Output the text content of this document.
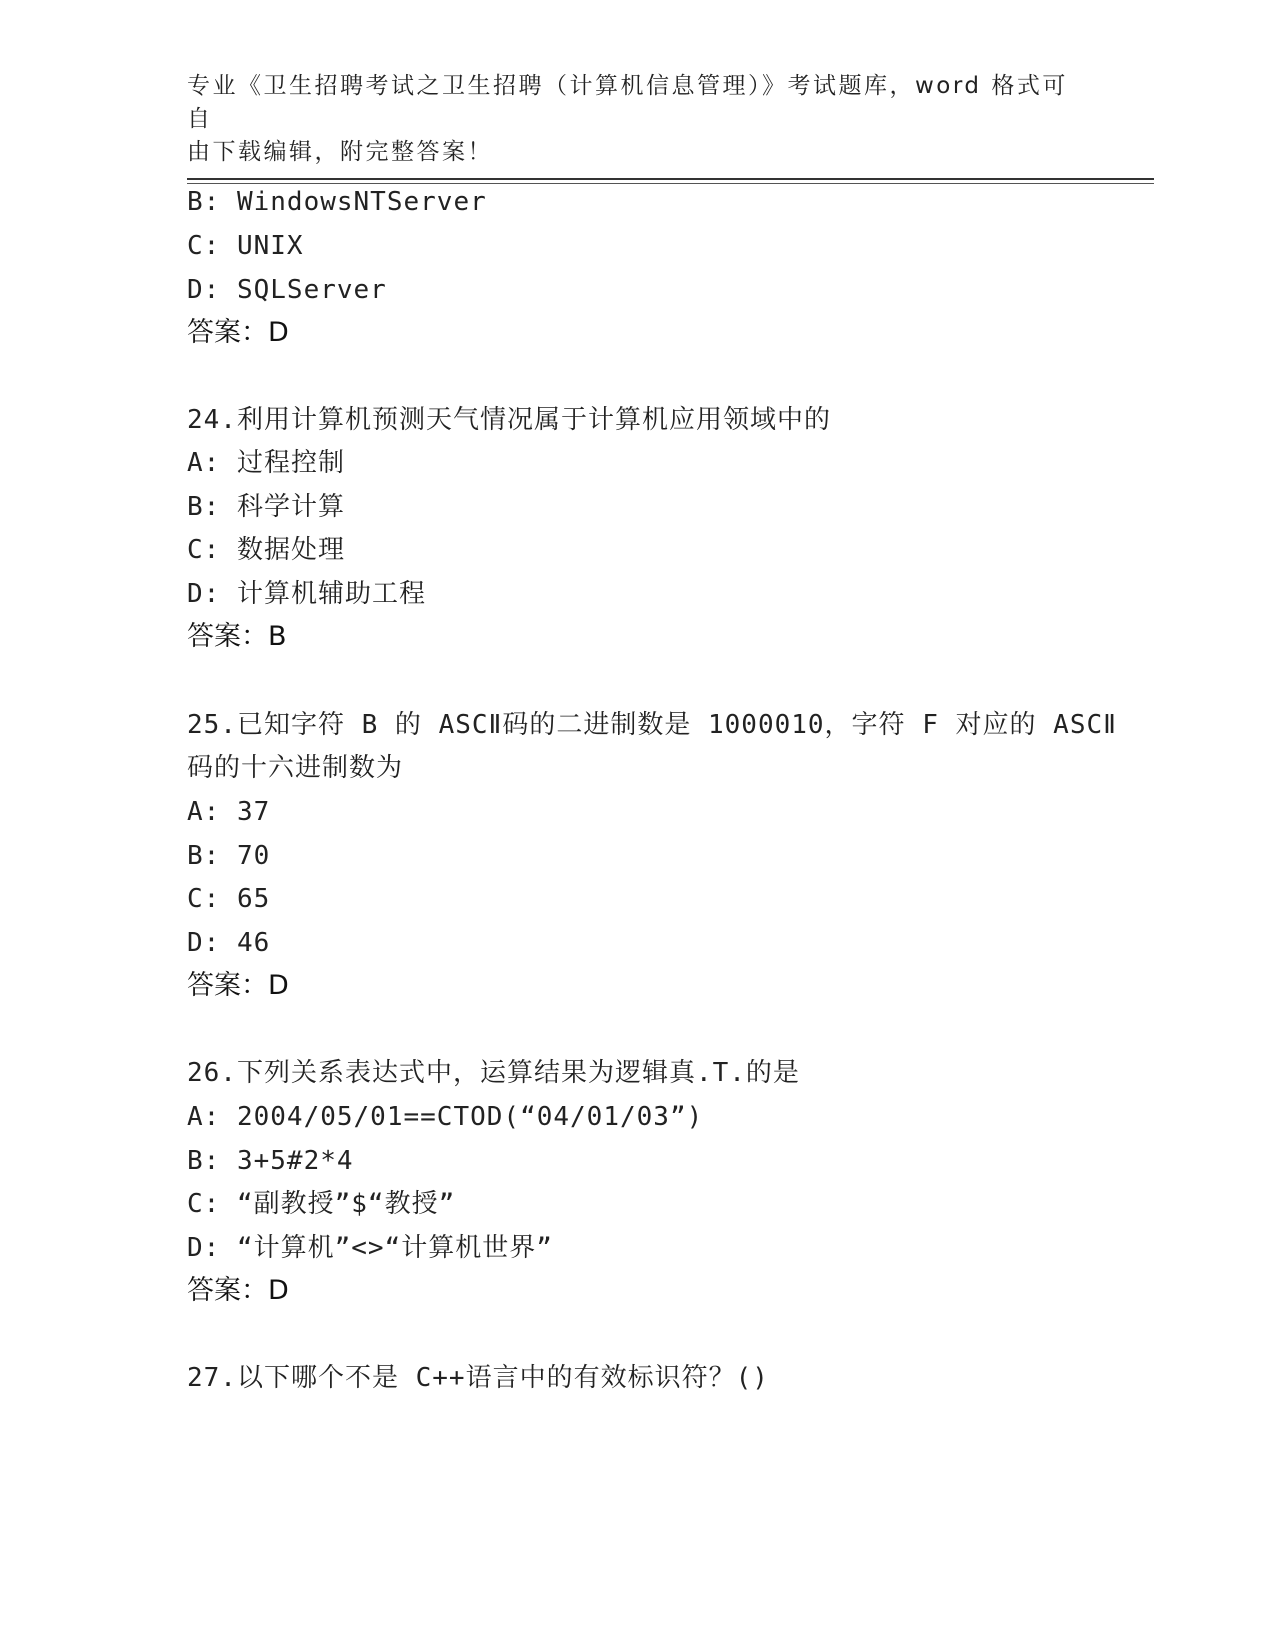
专业《卫生招聘考试之卫生招聘（计算机信息管理）》考试题库，word 格式可自
由下载编辑，附完整答案！
B: WindowsNTServer
C: UNIX
D: SQLServer
答案：D
24.利用计算机预测天气情况属于计算机应用领域中的
A: 过程控制
B: 科学计算
C: 数据处理
D: 计算机辅助工程
答案：B
25.已知字符 B 的 ASCⅡ码的二进制数是 1000010，字符 F 对应的 ASCⅡ
码的十六进制数为
A: 37
B: 70
C: 65
D: 46
答案：D
26.下列关系表达式中，运算结果为逻辑真.T.的是
A: 2004/05/01==CTOD(“04/01/03”)
B: 3+5#2*4
C: “副教授”$“教授”
D: “计算机”<>“计算机世界”
答案：D
27.以下哪个不是 C++语言中的有效标识符？()
